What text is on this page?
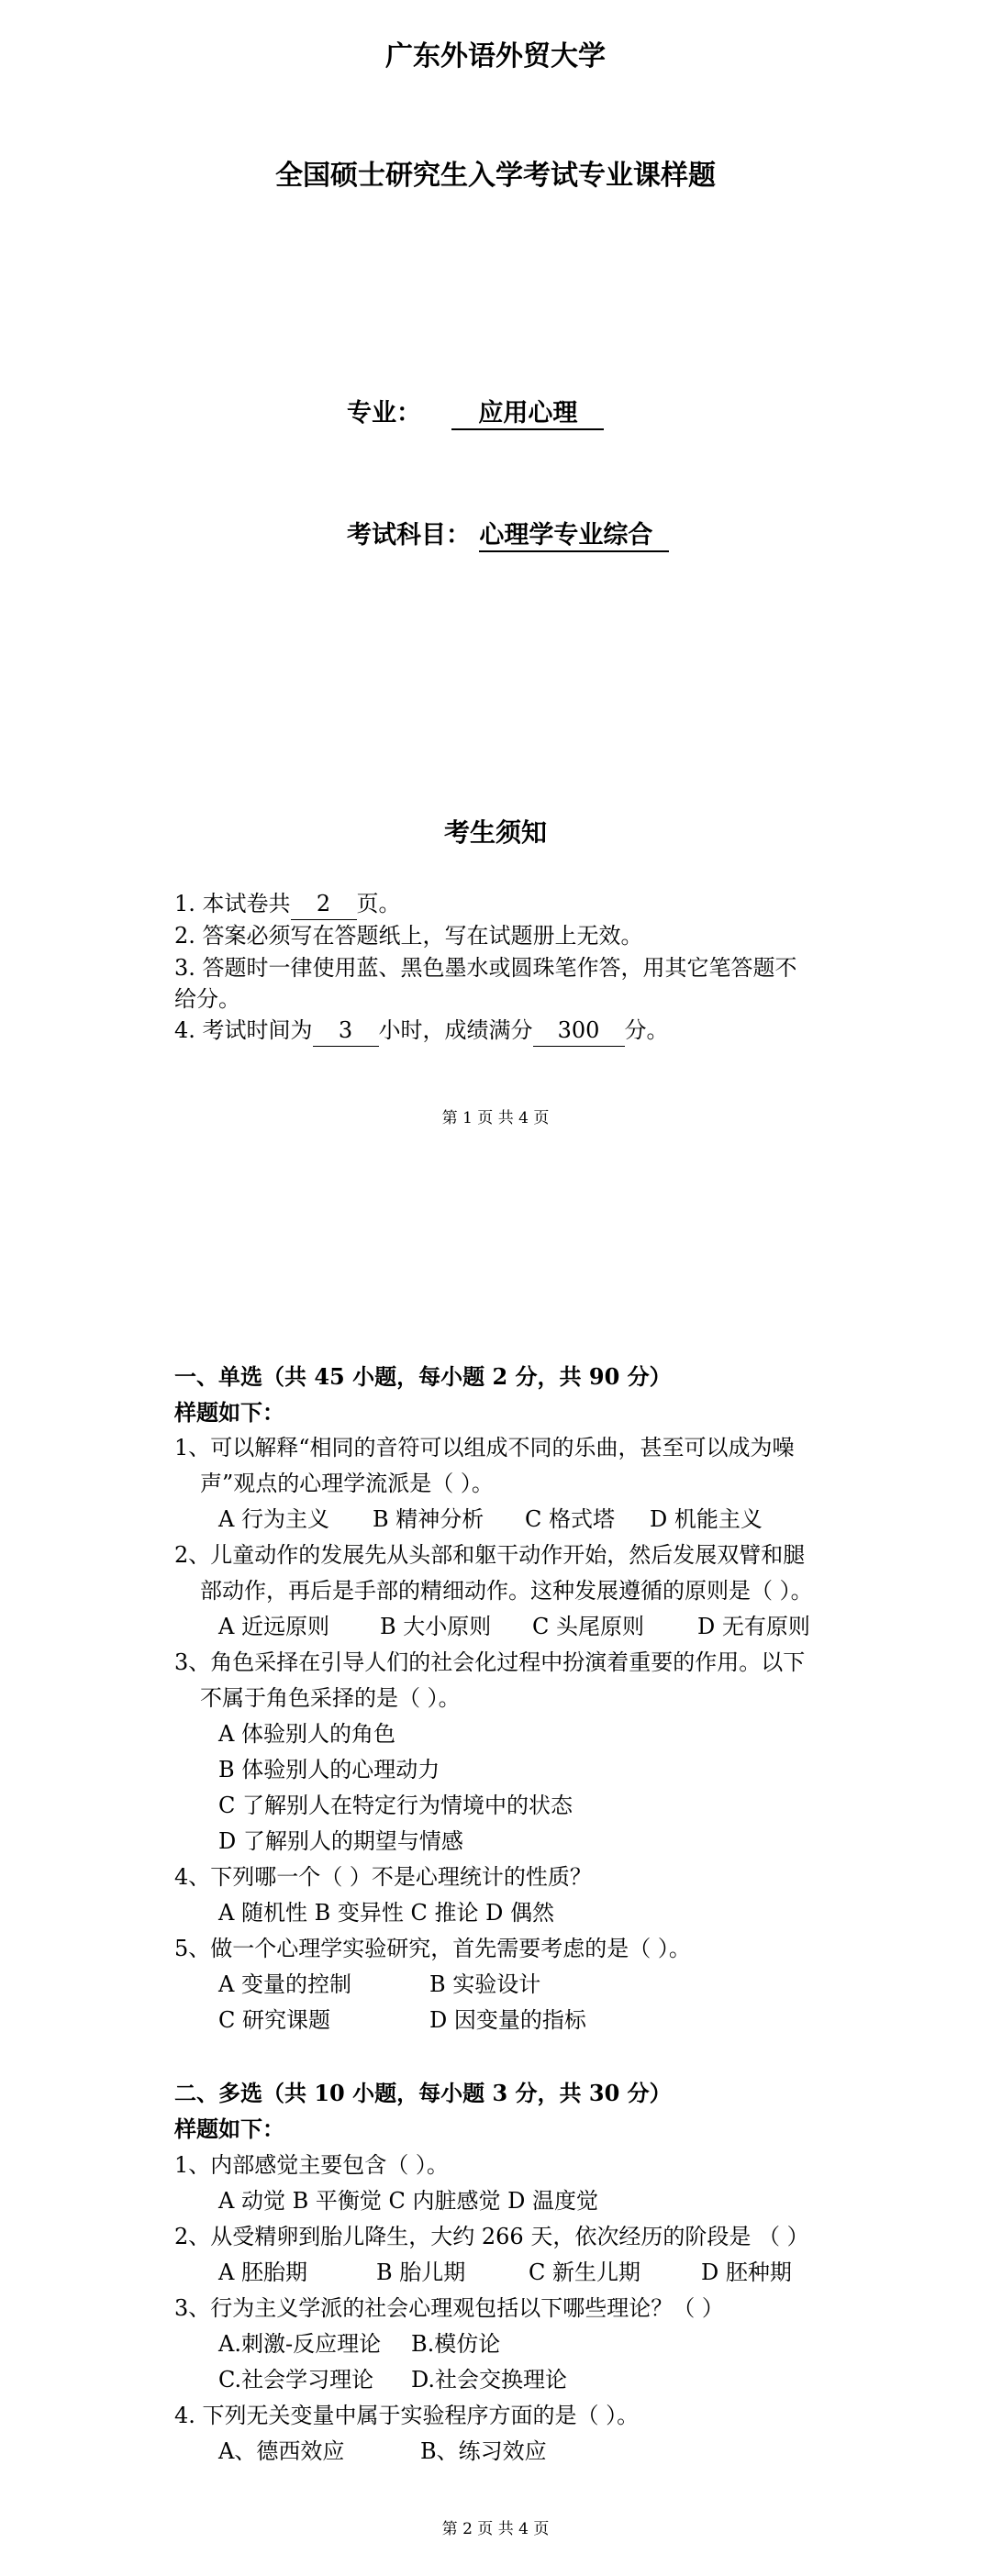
广东外语外贸大学
全国硕士研究生入学考试专业课样题
专业： 应用心理
考试科目： 心理学专业综合
考生须知
1. 本试卷共 2 页。
2. 答案必须写在答题纸上，写在试题册上无效。
3. 答题时一律使用蓝、黑色墨水或圆珠笔作答，用其它笔答题不
给分。
4. 考试时间为 3 小时，成绩满分 300 分。
第 1 页 共 4 页
一、单选（共 45 小题，每小题 2 分，共 90 分）
样题如下：
1、可以解释“相同的音符可以组成不同的乐曲，甚至可以成为噪
声”观点的心理学流派是（ ）。
A 行为主义 B 精神分析 C 格式塔 D 机能主义
2、儿童动作的发展先从头部和躯干动作开始，然后发展双臂和腿
部动作，再后是手部的精细动作。这种发展遵循的原则是（ ）。
A 近远原则 B 大小原则 C 头尾原则 D 无有原则
3、角色采择在引导人们的社会化过程中扮演着重要的作用。以下
不属于角色采择的是（ ）。
A 体验别人的角色
B 体验别人的心理动力
C 了解别人在特定行为情境中的状态
D 了解别人的期望与情感
4、下列哪一个（ ）不是心理统计的性质？
A 随机性 B 变异性 C 推论 D 偶然
5、做一个心理学实验研究，首先需要考虑的是（ ）。
A 变量的控制	B 实验设计
C 研究课题	D 因变量的指标
二、多选（共 10 小题，每小题 3 分，共 30 分）
样题如下：
1、内部感觉主要包含（ ）。
A 动觉 B 平衡觉 C 内脏感觉 D 温度觉
2、从受精卵到胎儿降生，大约 266 天，依次经历的阶段是 （ ）
A 胚胎期	B 胎儿期	C 新生儿期	D 胚种期
3、行为主义学派的社会心理观包括以下哪些理论？（ ）
A.刺激-反应理论 B.模仿论
C.社会学习理论 D.社会交换理论
4. 下列无关变量中属于实验程序方面的是（ ）。
A、德西效应	B、练习效应
第 2 页 共 4 页
